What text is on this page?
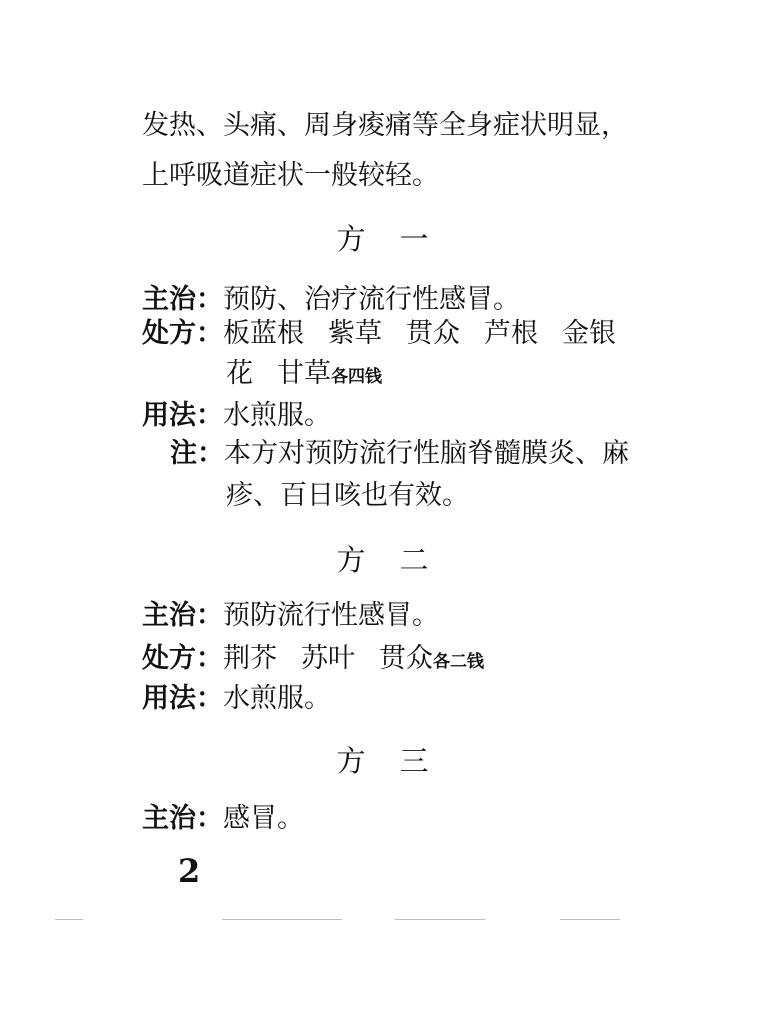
发热、头痛、周身痠痛等全身症状明显，
上呼吸道症状一般较轻。
方一
主治：预防、治疗流行性感冒。
处方：板蓝根 紫草 贯众 芦根 金银
花 甘草各四钱
用法：水煎服。
注：本方对预防流行性脑脊髓膜炎、麻
疹、百日咳也有效。
方二
主治：预防流行性感冒。
处方：荆芥 苏叶 贯众各二钱
用法：水煎服。
方三
主治：感冒。
2
